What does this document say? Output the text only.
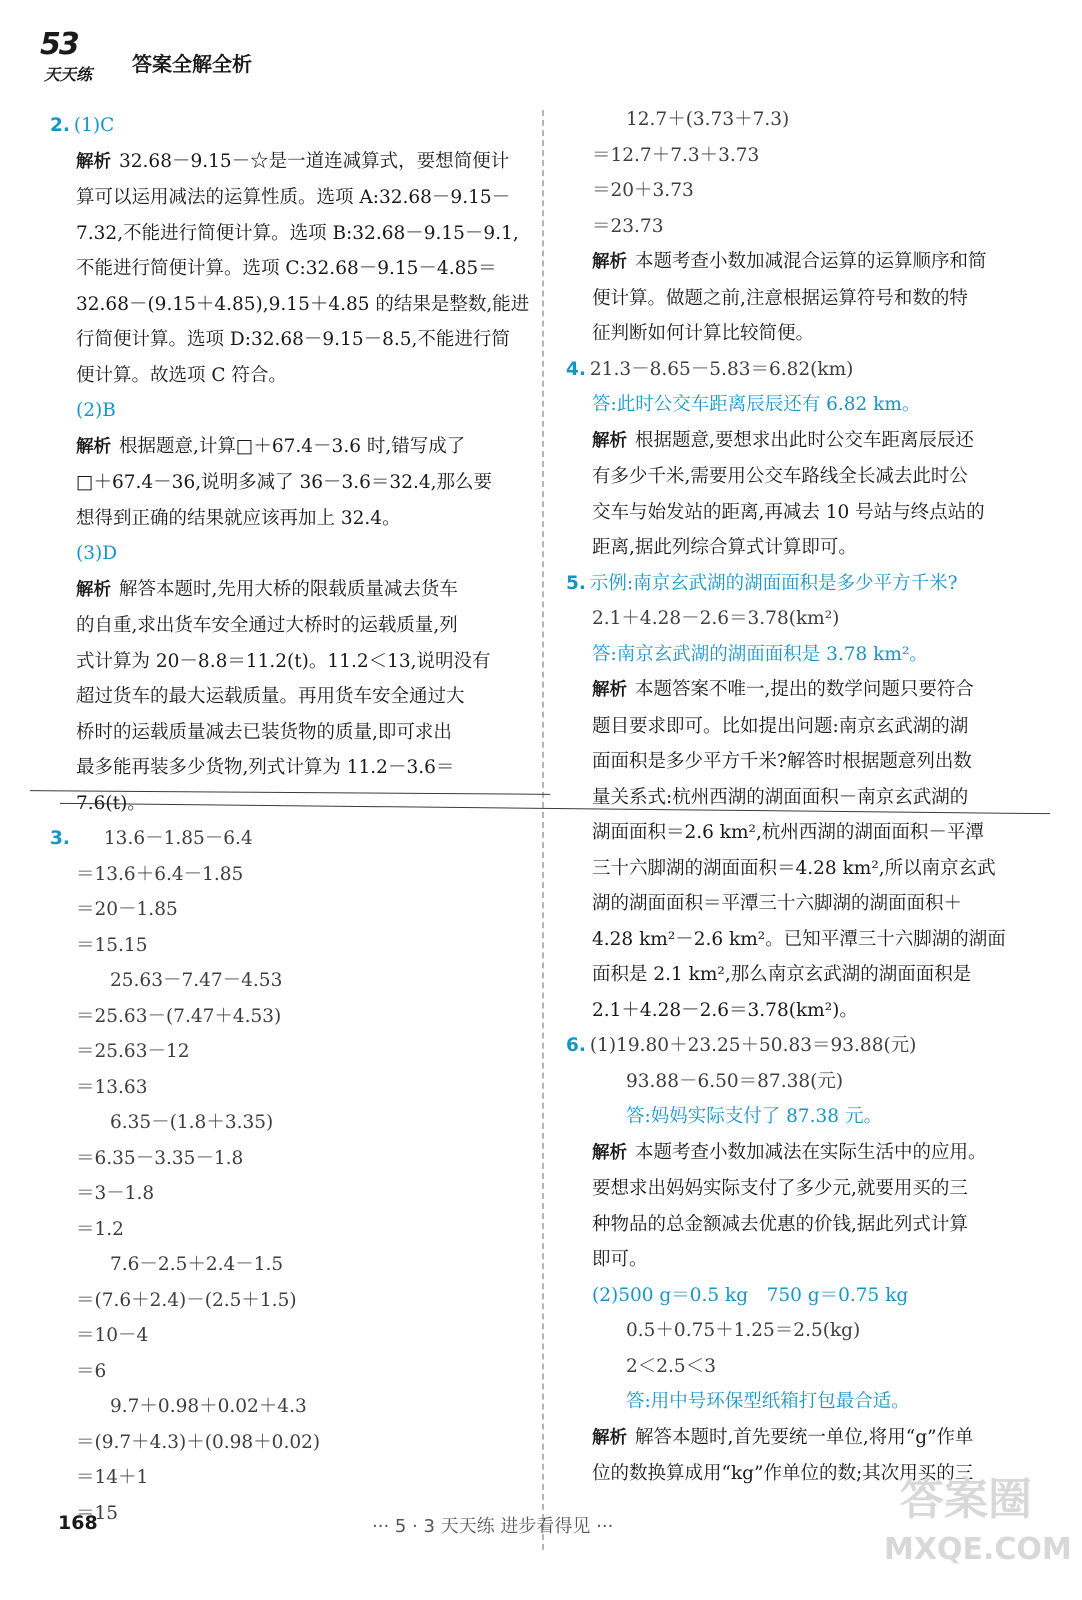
53
天天练 答案全解全析
2. (1)C
解析 32.68－9.15－☆是一道连减算式，要想简便计
算可以运用减法的运算性质。选项 A:32.68－9.15－
7.32,不能进行简便计算。选项 B:32.68－9.15－9.1,
不能进行简便计算。选项 C:32.68－9.15－4.85＝
32.68－(9.15＋4.85),9.15＋4.85 的结果是整数,能进
行简便计算。选项 D:32.68－9.15－8.5,不能进行简
便计算。故选项 C 符合。
(2)B
解析 根据题意,计算□＋67.4－3.6 时,错写成了
□＋67.4－36,说明多减了 36－3.6＝32.4,那么要
想得到正确的结果就应该再加上 32.4。
(3)D
解析 解答本题时,先用大桥的限载质量减去货车
的自重,求出货车安全通过大桥时的运载质量,列
式计算为 20－8.8＝11.2(t)。11.2＜13,说明没有
超过货车的最大运载质量。再用货车安全通过大
桥时的运载质量减去已装货物的质量,即可求出
最多能再装多少货物,列式计算为 11.2－3.6＝
7.6(t)。
3. 13.6－1.85－6.4
＝13.6＋6.4－1.85
＝20－1.85
＝15.15
25.63－7.47－4.53
＝25.63－(7.47＋4.53)
＝25.63－12
＝13.63
6.35－(1.8＋3.35)
＝6.35－3.35－1.8
＝3－1.8
＝1.2
7.6－2.5＋2.4－1.5
＝(7.6＋2.4)－(2.5＋1.5)
＝10－4
＝6
9.7＋0.98＋0.02＋4.3
＝(9.7＋4.3)＋(0.98＋0.02)
＝14＋1
＝15
12.7＋(3.73＋7.3)
＝12.7＋7.3＋3.73
＝20＋3.73
＝23.73
解析 本题考查小数加减混合运算的运算顺序和简
便计算。做题之前,注意根据运算符号和数的特
征判断如何计算比较简便。
4. 21.3－8.65－5.83＝6.82(km)
答:此时公交车距离辰辰还有 6.82 km。
解析 根据题意,要想求出此时公交车距离辰辰还
有多少千米,需要用公交车路线全长减去此时公
交车与始发站的距离,再减去 10 号站与终点站的
距离,据此列综合算式计算即可。
5. 示例:南京玄武湖的湖面面积是多少平方千米?
2.1＋4.28－2.6＝3.78(km²)
答:南京玄武湖的湖面面积是 3.78 km²。
解析 本题答案不唯一,提出的数学问题只要符合
题目要求即可。比如提出问题:南京玄武湖的湖
面面积是多少平方千米?解答时根据题意列出数
量关系式:杭州西湖的湖面面积－南京玄武湖的
湖面面积＝2.6 km²,杭州西湖的湖面面积－平潭
三十六脚湖的湖面面积＝4.28 km²,所以南京玄武
湖的湖面面积＝平潭三十六脚湖的湖面面积＋
4.28 km²－2.6 km²。已知平潭三十六脚湖的湖面
面积是 2.1 km²,那么南京玄武湖的湖面面积是
2.1＋4.28－2.6＝3.78(km²)。
6. (1)19.80＋23.25＋50.83＝93.88(元)
93.88－6.50＝87.38(元)
答:妈妈实际支付了 87.38 元。
解析 本题考查小数加减法在实际生活中的应用。
要想求出妈妈实际支付了多少元,就要用买的三
种物品的总金额减去优惠的价钱,据此列式计算
即可。
(2)500 g＝0.5 kg　750 g＝0.75 kg
0.5＋0.75＋1.25＝2.5(kg)
2＜2.5＜3
答:用中号环保型纸箱打包最合适。
解析 解答本题时,首先要统一单位,将用“g”作单
位的数换算成用“kg”作单位的数;其次用买的三
168	··· 5 · 3 天天练 进步看得见 ···
答案圈
MXQE.COM
